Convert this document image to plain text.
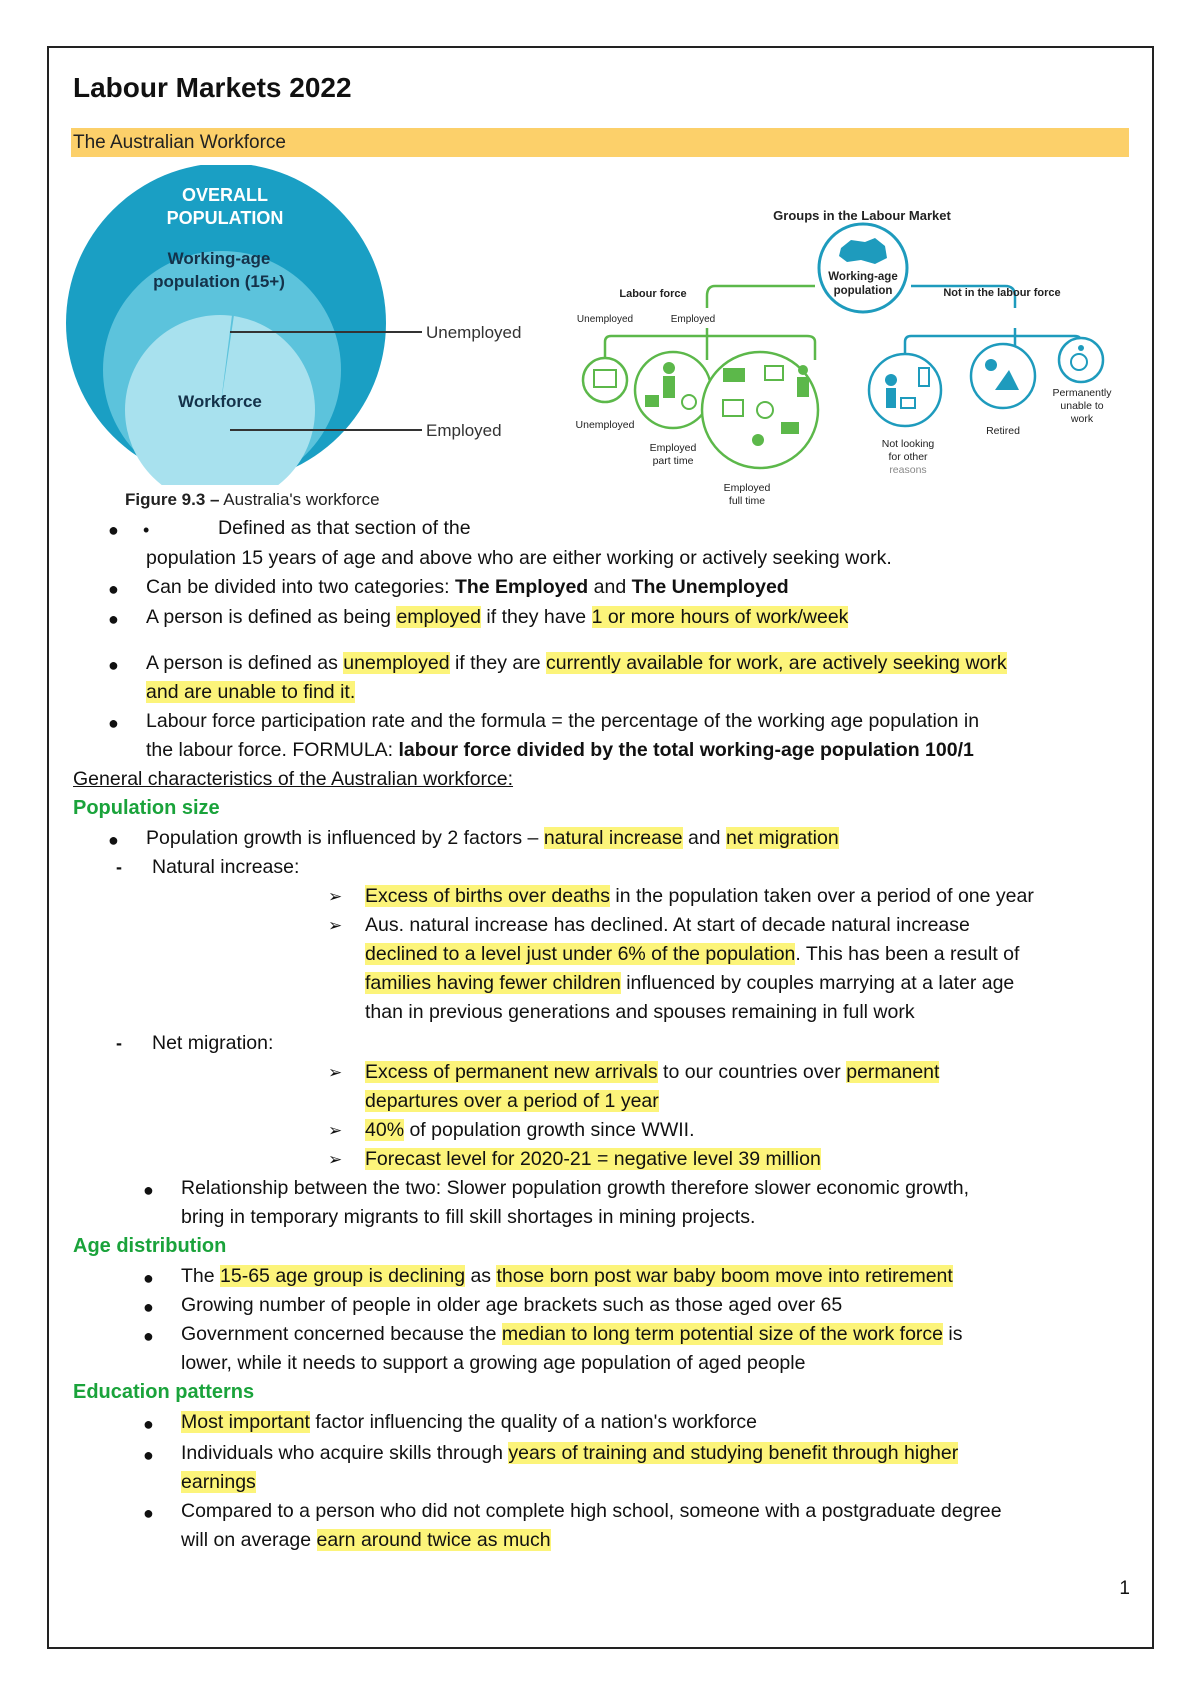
Labour Markets 2022
The Australian Workforce
OVERALL
POPULATION
Working-age
population (15+)
Workforce
Unemployed
Employed
Figure 9.3 – Australia's workforce
Groups in the Labour Market
Working-age
population
Labour force	Not in the labour force
Unemployed	Employed
Unemployed
Employed
part time
Employed
full time
Not looking
for other
reasons
Retired
Permanently
unable to
work
● •	Defined as that section of the
population 15 years of age and above who are either working or actively seeking work.
● Can be divided into two categories: The Employed and The Unemployed
● A person is defined as being employed if they have 1 or more hours of work/week
● A person is defined as unemployed if they are currently available for work, are actively seeking work
and are unable to find it.
● Labour force participation rate and the formula = the percentage of the working age population in
the labour force. FORMULA: labour force divided by the total working-age population 100/1
General characteristics of the Australian workforce:
Population size
● Population growth is influenced by 2 factors – natural increase and net migration
- Natural increase:
➢ Excess of births over deaths in the population taken over a period of one year
➢ Aus. natural increase has declined. At start of decade natural increase
declined to a level just under 6% of the population. This has been a result of
families having fewer children influenced by couples marrying at a later age
than in previous generations and spouses remaining in full work
- Net migration:
➢ Excess of permanent new arrivals to our countries over permanent
departures over a period of 1 year
➢ 40% of population growth since WWII.
➢ Forecast level for 2020-21 = negative level 39 million
● Relationship between the two: Slower population growth therefore slower economic growth,
bring in temporary migrants to fill skill shortages in mining projects.
Age distribution
● The 15-65 age group is declining as those born post war baby boom move into retirement
● Growing number of people in older age brackets such as those aged over 65
● Government concerned because the median to long term potential size of the work force is
lower, while it needs to support a growing age population of aged people
Education patterns
● Most important factor influencing the quality of a nation's workforce
● Individuals who acquire skills through years of training and studying benefit through higher
earnings
● Compared to a person who did not complete high school, someone with a postgraduate degree
will on average earn around twice as much
1
